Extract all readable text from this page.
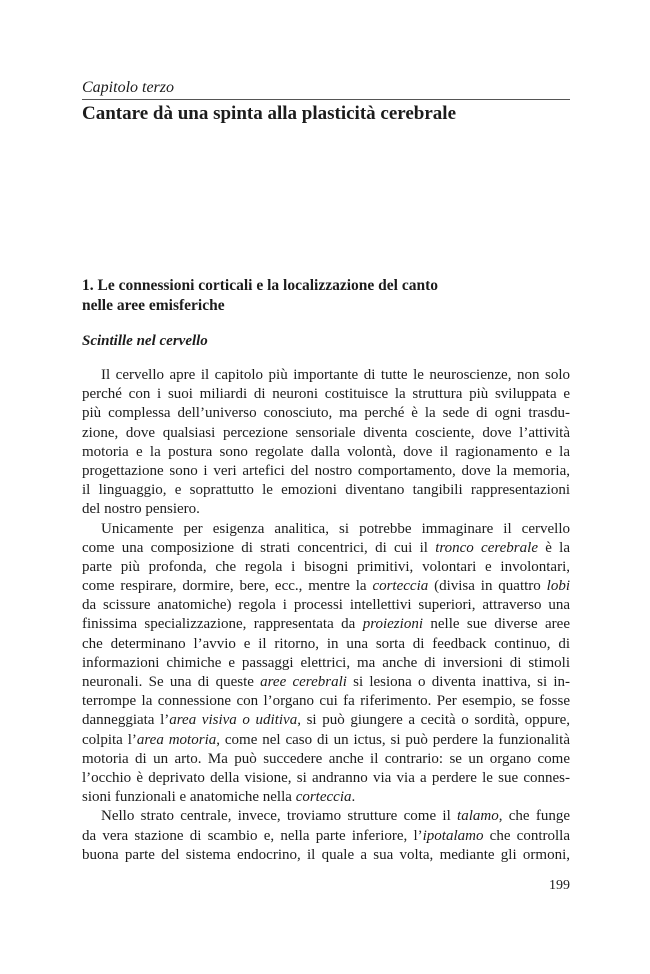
Capitolo terzo
Cantare dà una spinta alla plasticità cerebrale
1. Le connessioni corticali e la localizzazione del canto
nelle aree emisferiche
Scintille nel cervello
Il cervello apre il capitolo più importante di tutte le neuroscienze, non solo
perché con i suoi miliardi di neuroni costituisce la struttura più sviluppata e
più complessa dell’universo conosciuto, ma perché è la sede di ogni trasdu-
zione, dove qualsiasi percezione sensoriale diventa cosciente, dove l’attività
motoria e la postura sono regolate dalla volontà, dove il ragionamento e la
progettazione sono i veri artefici del nostro comportamento, dove la memoria,
il linguaggio, e soprattutto le emozioni diventano tangibili rappresentazioni
del nostro pensiero.
Unicamente per esigenza analitica, si potrebbe immaginare il cervello
come una composizione di strati concentrici, di cui il tronco cerebrale è la
parte più profonda, che regola i bisogni primitivi, volontari e involontari,
come respirare, dormire, bere, ecc., mentre la corteccia (divisa in quattro lobi
da scissure anatomiche) regola i processi intellettivi superiori, attraverso una
finissima specializzazione, rappresentata da proiezioni nelle sue diverse aree
che determinano l’avvio e il ritorno, in una sorta di feedback continuo, di
informazioni chimiche e passaggi elettrici, ma anche di inversioni di stimoli
neuronali. Se una di queste aree cerebrali si lesiona o diventa inattiva, si in-
terrompe la connessione con l’organo cui fa riferimento. Per esempio, se fosse
danneggiata l’area visiva o uditiva, si può giungere a cecità o sordità, oppure,
colpita l’area motoria, come nel caso di un ictus, si può perdere la funzionalità
motoria di un arto. Ma può succedere anche il contrario: se un organo come
l’occhio è deprivato della visione, si andranno via via a perdere le sue connes-
sioni funzionali e anatomiche nella corteccia.
Nello strato centrale, invece, troviamo strutture come il talamo, che funge
da vera stazione di scambio e, nella parte inferiore, l’ipotalamo che controlla
buona parte del sistema endocrino, il quale a sua volta, mediante gli ormoni,
199
